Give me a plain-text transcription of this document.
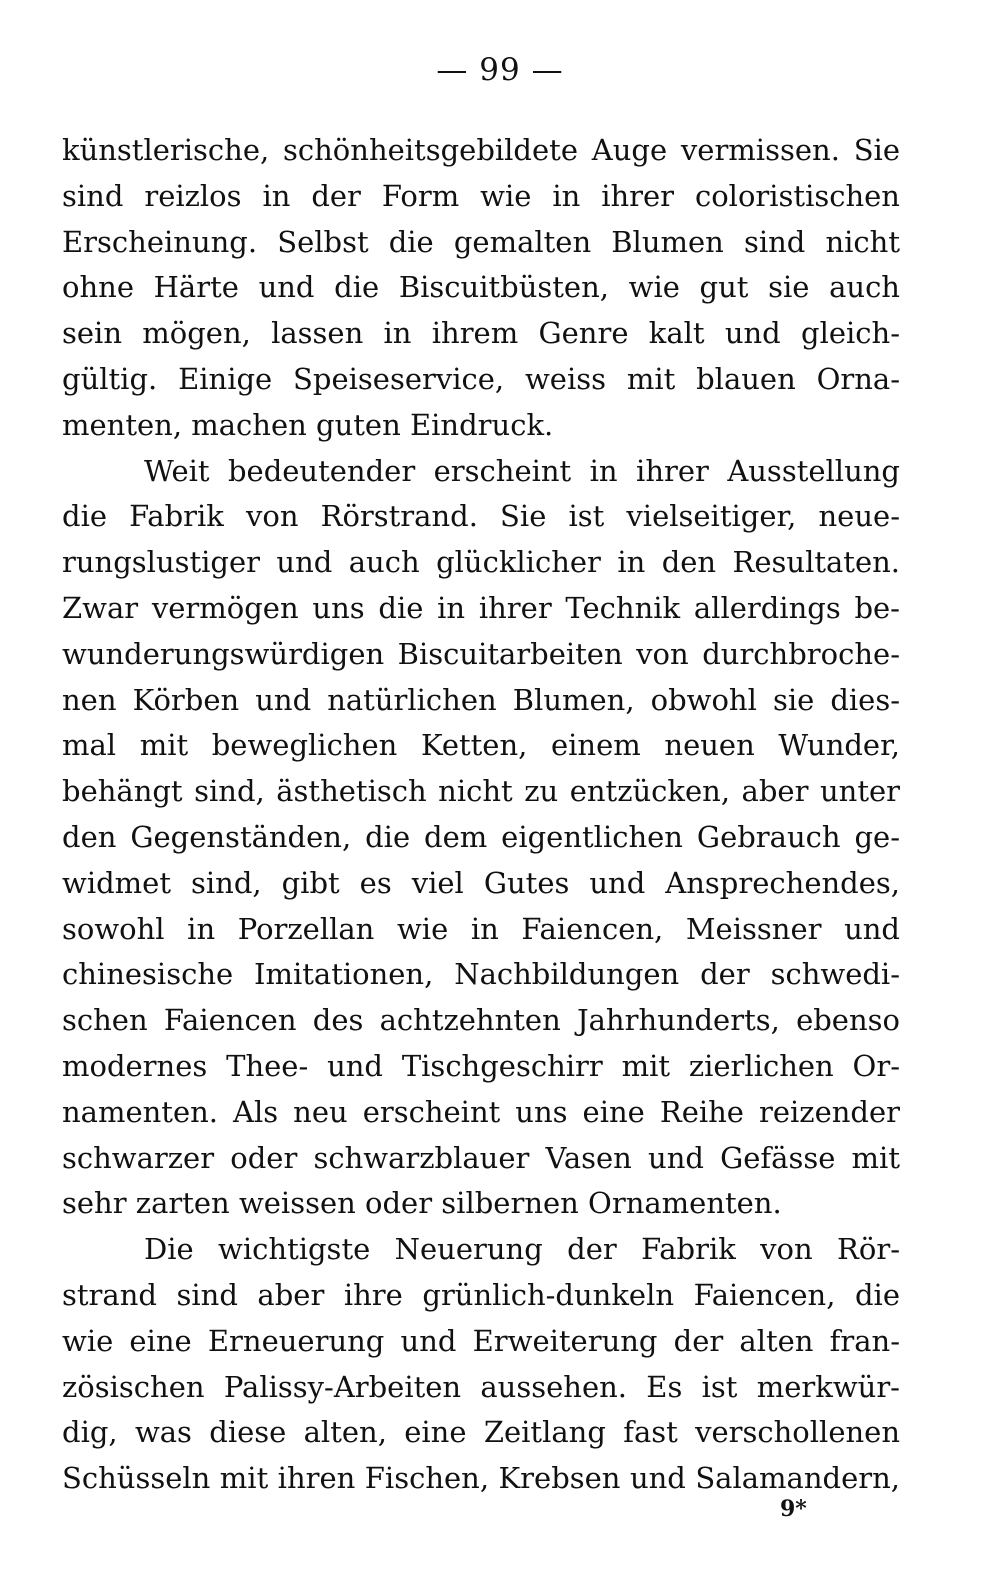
— 99 —
künstlerische, schönheitsgebildete Auge vermissen. Sie
sind reizlos in der Form wie in ihrer coloristischen
Erscheinung. Selbst die gemalten Blumen sind nicht
ohne Härte und die Biscuitbüsten, wie gut sie auch
sein mögen, lassen in ihrem Genre kalt und gleich-
gültig. Einige Speiseservice, weiss mit blauen Orna-
menten, machen guten Eindruck.
Weit bedeutender erscheint in ihrer Ausstellung
die Fabrik von Rörstrand. Sie ist vielseitiger, neue-
rungslustiger und auch glücklicher in den Resultaten.
Zwar vermögen uns die in ihrer Technik allerdings be-
wunderungswürdigen Biscuitarbeiten von durchbroche-
nen Körben und natürlichen Blumen, obwohl sie dies-
mal mit beweglichen Ketten, einem neuen Wunder,
behängt sind, ästhetisch nicht zu entzücken, aber unter
den Gegenständen, die dem eigentlichen Gebrauch ge-
widmet sind, gibt es viel Gutes und Ansprechendes,
sowohl in Porzellan wie in Faiencen, Meissner und
chinesische Imitationen, Nachbildungen der schwedi-
schen Faiencen des achtzehnten Jahrhunderts, ebenso
modernes Thee- und Tischgeschirr mit zierlichen Or-
namenten. Als neu erscheint uns eine Reihe reizender
schwarzer oder schwarzblauer Vasen und Gefässe mit
sehr zarten weissen oder silbernen Ornamenten.
Die wichtigste Neuerung der Fabrik von Rör-
strand sind aber ihre grünlich-dunkeln Faiencen, die
wie eine Erneuerung und Erweiterung der alten fran-
zösischen Palissy-Arbeiten aussehen. Es ist merkwür-
dig, was diese alten, eine Zeitlang fast verschollenen
Schüsseln mit ihren Fischen, Krebsen und Salamandern,
9*
